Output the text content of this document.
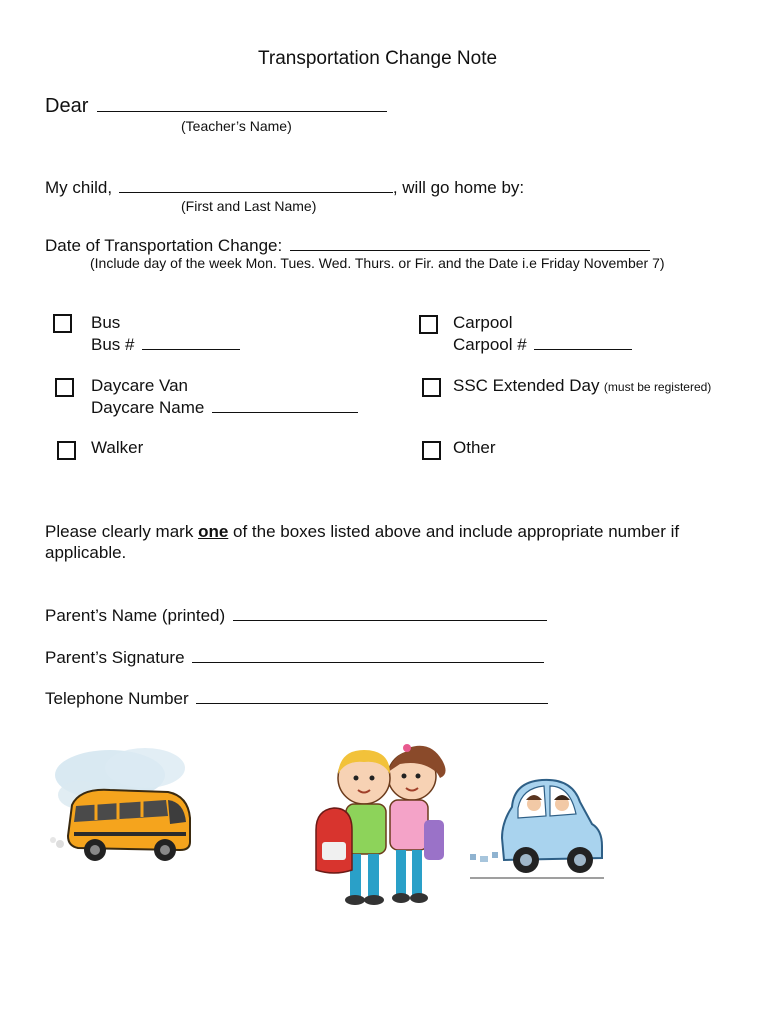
Transportation Change Note
Dear
(Teacher’s Name)
My child,	, will go home by:
(First and Last Name)
Date of Transportation Change:
(Include day of the week Mon. Tues. Wed. Thurs. or Fir. and the Date i.e Friday November 7)
Bus
Bus #
Daycare Van
Daycare Name
Walker
Carpool
Carpool #
SSC Extended Day (must be registered)
Other
Please clearly mark one of the boxes listed above and include appropriate number if
applicable.
Parent’s Name (printed)
Parent’s Signature
Telephone Number
